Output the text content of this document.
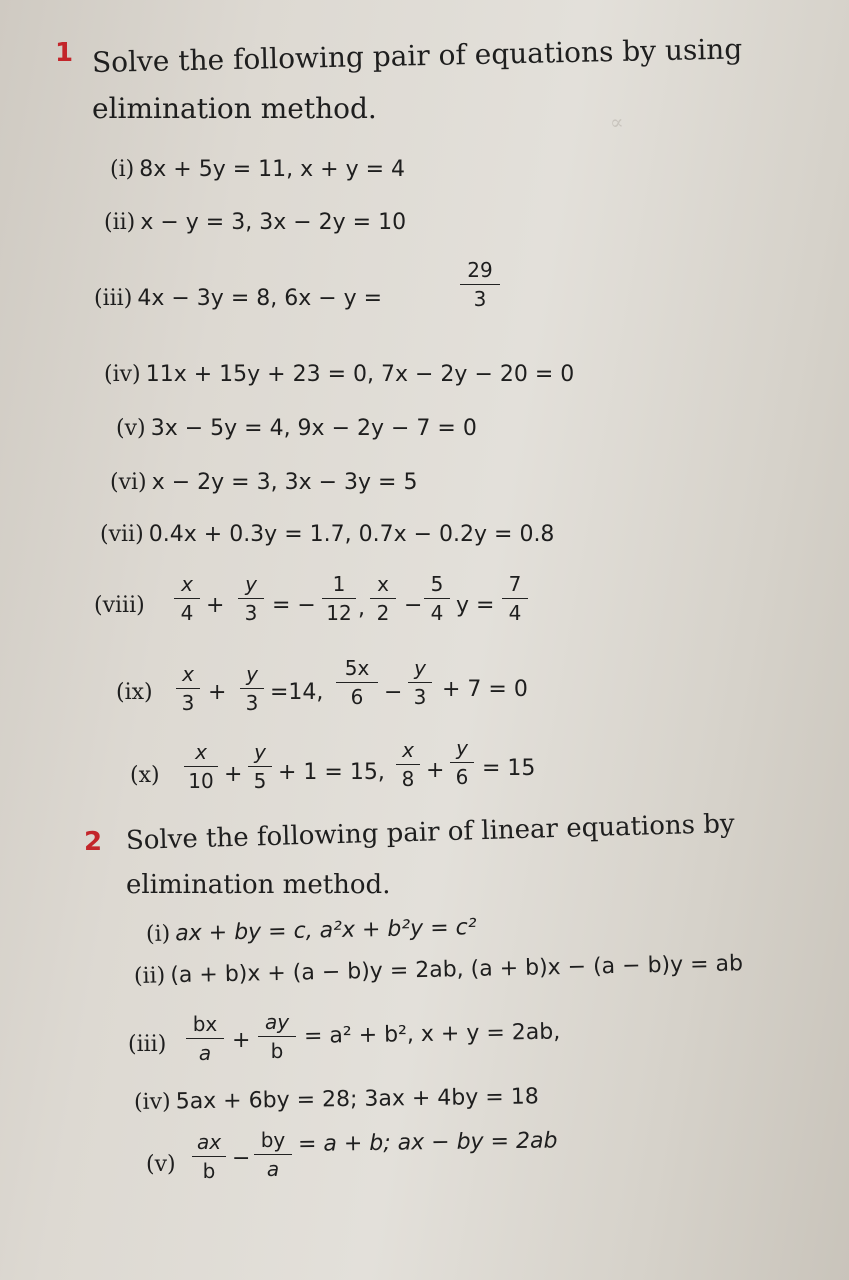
∝
1 Solve the following pair of equations by using
elimination method.
(i) 8x + 5y = 11, x + y = 4
(ii) x − y = 3, 3x − 2y = 10
(iii) 4x − 3y = 8, 6x − y =
29
3
(iv) 11x + 15y + 23 = 0, 7x − 2y − 20 = 0
(v) 3x − 5y = 4, 9x − 2y − 7 = 0
(vi) x − 2y = 3, 3x − 3y = 5
(vii) 0.4x + 0.3y = 1.7, 0.7x − 0.2y = 0.8
(viii)
x
4 +
y
3 = −
1
12 ,
x
2 −
5
4 y =
7
4
(ix)
x
3 +
y
3 =14,
5x
6 −
y
3 + 7 = 0
(x)
x
10 +
y
5 + 1 = 15,
x
8 +
y
6 = 15
2 Solve the following pair of linear equations by
elimination method.
(i) ax + by = c, a²x + b²y = c²
(ii) (a + b)x + (a − b)y = 2ab, (a + b)x − (a − b)y = ab
(iii)
bx
a +
ay
b
= a² + b², x + y = 2ab,
(iv) 5ax + 6by = 28; 3ax + 4by = 18
(v)
ax
b −
by
a
= a + b; ax − by = 2ab
